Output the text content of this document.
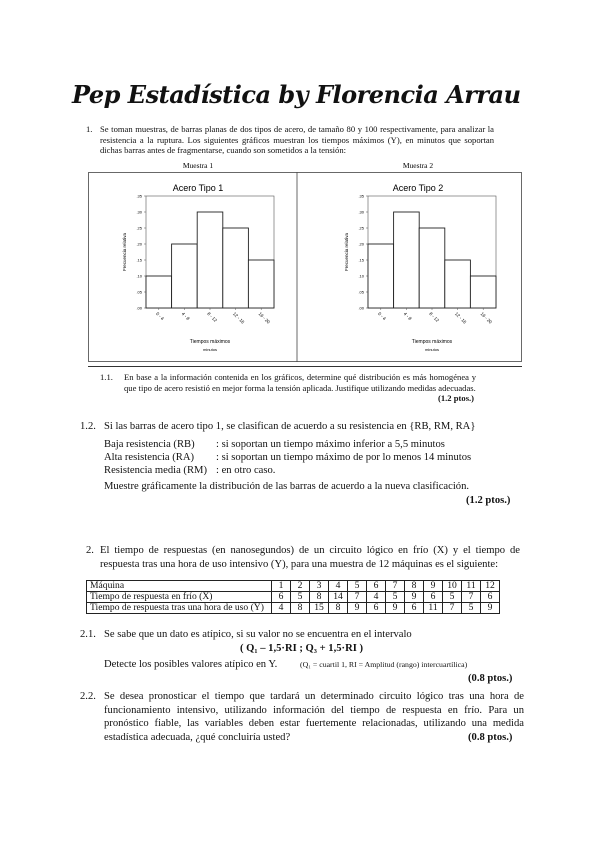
Pep Estadística by Florencia Arrau
1. Se toman muestras, de barras planas de dos tipos de acero, de tamaño 80 y 100 respectivamente, para analizar la resistencia a la ruptura. Los siguientes gráficos muestran los tiempos máximos (Y), en minutos que soportan dichas barras antes de fragmentarse, cuando son sometidos a la tensión:
Muestra 1
Acero Tipo 1
.00
.05
.10
.15
.20
.25
.30
.35
Frecuencia relativa
0 - 4	4 - 8	8 - 12	12 - 16	16 - 20
Tiempos máximos
minutos
Muestra 2
Acero Tipo 2
.00
.05
.10
.15
.20
.25
.30
.35
Frecuencia relativa
0 - 4	4 - 8	8 - 12	12 - 16	16 - 20
Tiempos máximos
minutos
1.1. En base a la información contenida en los gráficos, determine qué distribución es más homogénea y que tipo de acero resistió en mejor forma la tensión aplicada. Justifique utilizando medidas adecuadas.
(1.2 ptos.)
1.2. Si las barras de acero tipo 1, se clasifican de acuerdo a su resistencia en {RB, RM, RA}
Baja resistencia (RB) : si soportan un tiempo máximo inferior a 5,5 minutos
Alta resistencia (RA) : si soportan un tiempo máximo de por lo menos 14 minutos
Resistencia media (RM) : en otro caso.
Muestre gráficamente la distribución de las barras de acuerdo a la nueva clasificación.
(1.2 ptos.)
2. El tiempo de respuestas (en nanosegundos) de un circuito lógico en frío (X) y el tiempo de respuesta tras una hora de uso intensivo (Y), para una muestra de 12 máquinas es el siguiente:
Máquina	1	2	3	4	5	6	7	8	9	10	11	12
Tiempo de respuesta en frío (X)	6	5	8	14	7	4	5	9	6	5	7	6
Tiempo de respuesta tras una hora de uso (Y)	4	8	15	8	9	6	9	6	11	7	5	9
2.1. Se sabe que un dato es atípico, si su valor no se encuentra en el intervalo
( Q₁ – 1,5·RI ; Q₃ + 1,5·RI )
Detecte los posibles valores atípico en Y.	(Q₁ = cuartil 1, RI = Amplitud (rango) intercuartílica)
(0.8 ptos.)
2.2. Se desea pronosticar el tiempo que tardará un determinado circuito lógico tras una hora de funcionamiento intensivo, utilizando información del tiempo de respuesta en frío. Para un pronóstico fiable, las variables deben estar fuertemente relacionadas, utilizando una medida estadística adecuada, ¿qué concluiría usted?	(0.8 ptos.)
